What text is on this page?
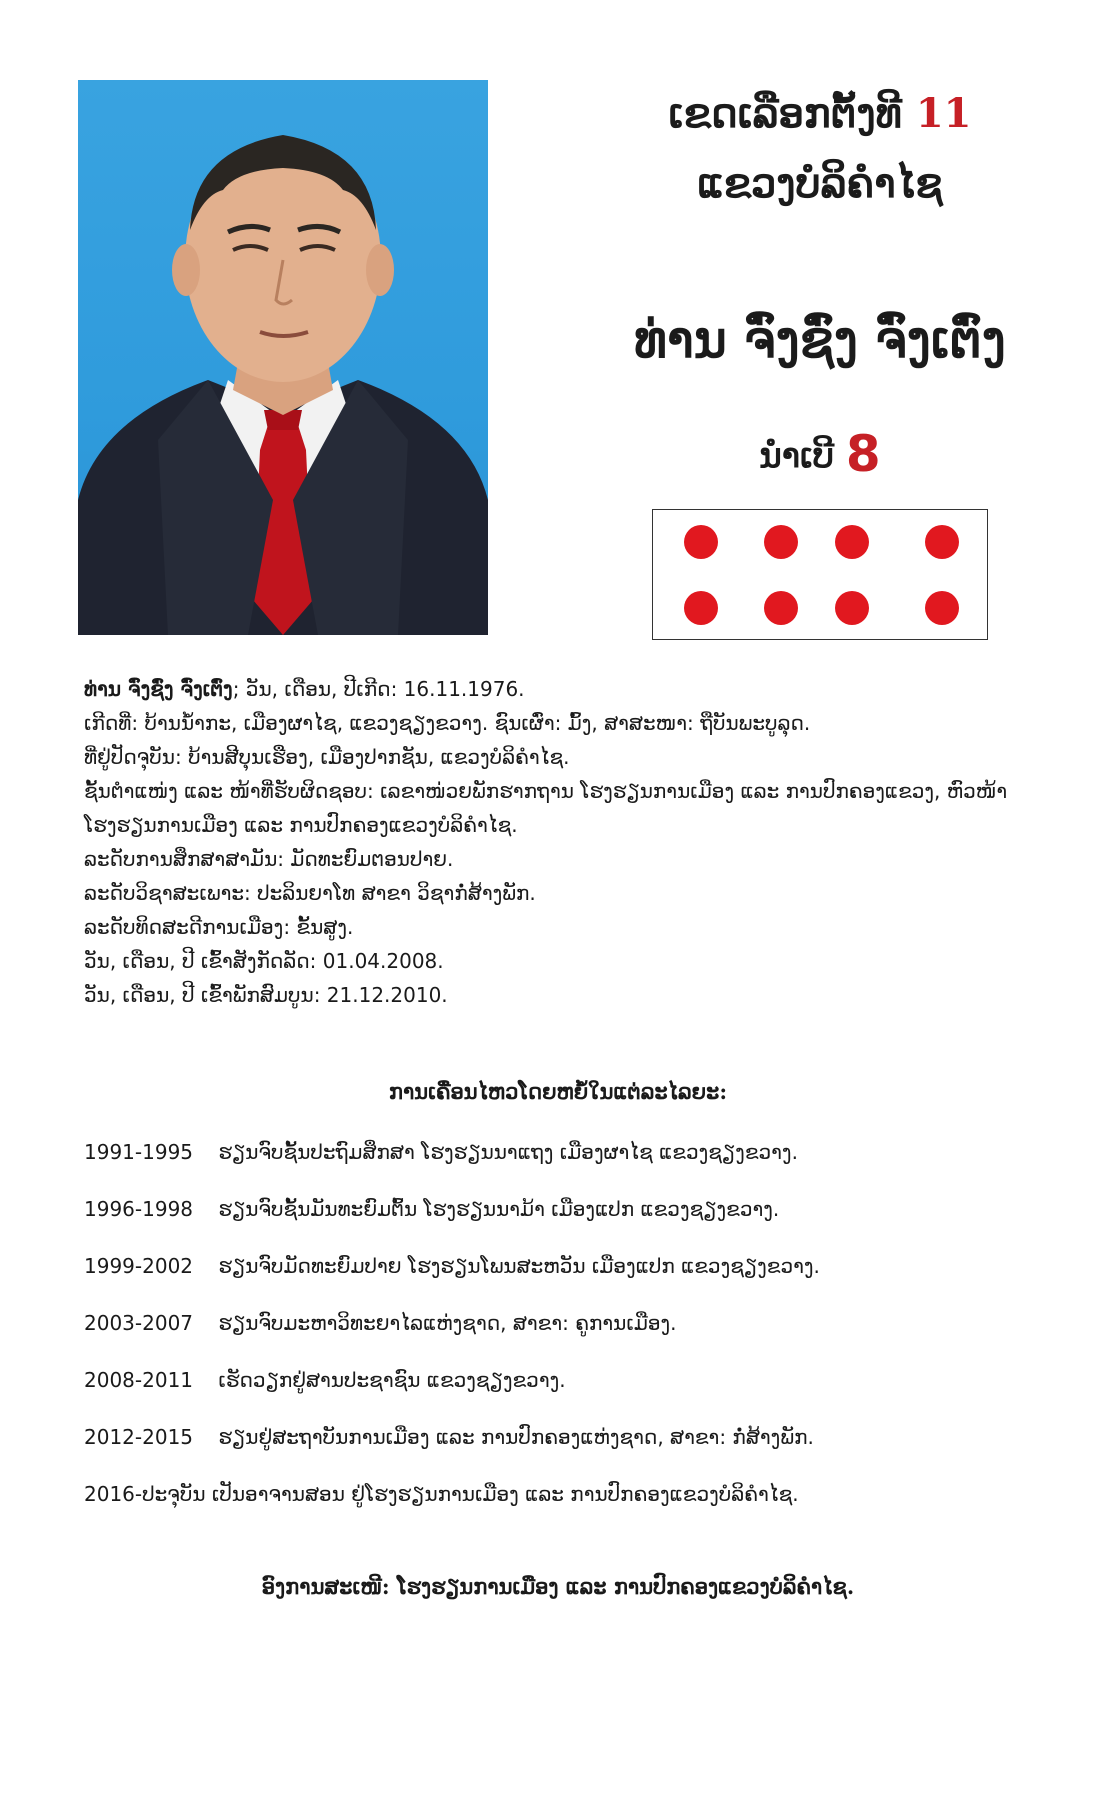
ເຂດເລືອກຕັ້ງທີ 11
ແຂວງບໍລິຄຳໄຊ
ທ່ານ ຈົ່ງຊົ່ງ ຈົ່ງເຕົ່ງ
ນໍາເບີ 8
ທ່ານ ຈົ່ງຊົ່ງ ຈົ່ງເຕົ່ງ; ວັນ, ເດືອນ, ປີເກີດ: 16.11.1976.
ເກີດທີ່: ບ້ານນໍ້າກະ, ເມືອງຜາໄຊ, ແຂວງຊຽງຂວາງ. ຊົນເຜົ່າ: ມົ້ງ, ສາສະໜາ: ຖືບັນພະບູລຸດ.
ທີ່ຢູ່ປັດຈຸບັນ: ບ້ານສີບຸນເຮືອງ, ເມືອງປາກຊັນ, ແຂວງບໍລິຄຳໄຊ.
ຊັ້ນຕຳແໜ່ງ ແລະ ໜ້າທີ່ຮັບຜິດຊອບ: ເລຂາໜ່ວຍພັກຮາກຖານ ໂຮງຮຽນການເມືອງ ແລະ ການປົກຄອງແຂວງ, ຫົວໜ້າ
ໂຮງຮຽນການເມືອງ ແລະ ການປົກຄອງແຂວງບໍລິຄຳໄຊ.
ລະດັບການສຶກສາສາມັນ: ມັດທະຍົມຕອນປາຍ.
ລະດັບວິຊາສະເພາະ: ປະລິນຍາໂທ ສາຂາ ວິຊາກໍ່ສ້າງພັກ.
ລະດັບທິດສະດີການເມືອງ: ຂັ້ນສູງ.
ວັນ, ເດືອນ, ປີ ເຂົ້າສັງກັດລັດ: 01.04.2008.
ວັນ, ເດືອນ, ປີ ເຂົ້າພັກສົມບູນ: 21.12.2010.
ການເຄື່ອນໄຫວໂດຍຫຍໍ້ໃນແຕ່ລະໄລຍະ:
1991-1995 ຮຽນຈົບຊັ້ນປະຖົມສຶກສາ ໂຮງຮຽນນາແຖງ ເມືອງຜາໄຊ ແຂວງຊຽງຂວາງ.
1996-1998 ຮຽນຈົບຊັ້ນມັນທະຍົມຕົ້ນ ໂຮງຮຽນນາມ້າ ເມືອງແປກ ແຂວງຊຽງຂວາງ.
1999-2002 ຮຽນຈົບມັດທະຍົມປາຍ ໂຮງຮຽນໂພນສະຫວັນ ເມືອງແປກ ແຂວງຊຽງຂວາງ.
2003-2007 ຮຽນຈົບມະຫາວິທະຍາໄລແຫ່ງຊາດ, ສາຂາ: ຄູການເມືອງ.
2008-2011 ເຮັດວຽກຢູ່ສານປະຊາຊົນ ແຂວງຊຽງຂວາງ.
2012-2015 ຮຽນຢູ່ສະຖາບັນການເມືອງ ແລະ ການປົກຄອງແຫ່ງຊາດ, ສາຂາ: ກໍ່ສ້າງພັກ.
2016-ປະຈຸບັນ ເປັນອາຈານສອນ ຢູ່ໂຮງຮຽນການເມືອງ ແລະ ການປົກຄອງແຂວງບໍລິຄຳໄຊ.
ອົງການສະເໜີ: ໂຮງຮຽນການເມືອງ ແລະ ການປົກຄອງແຂວງບໍລິຄຳໄຊ.
